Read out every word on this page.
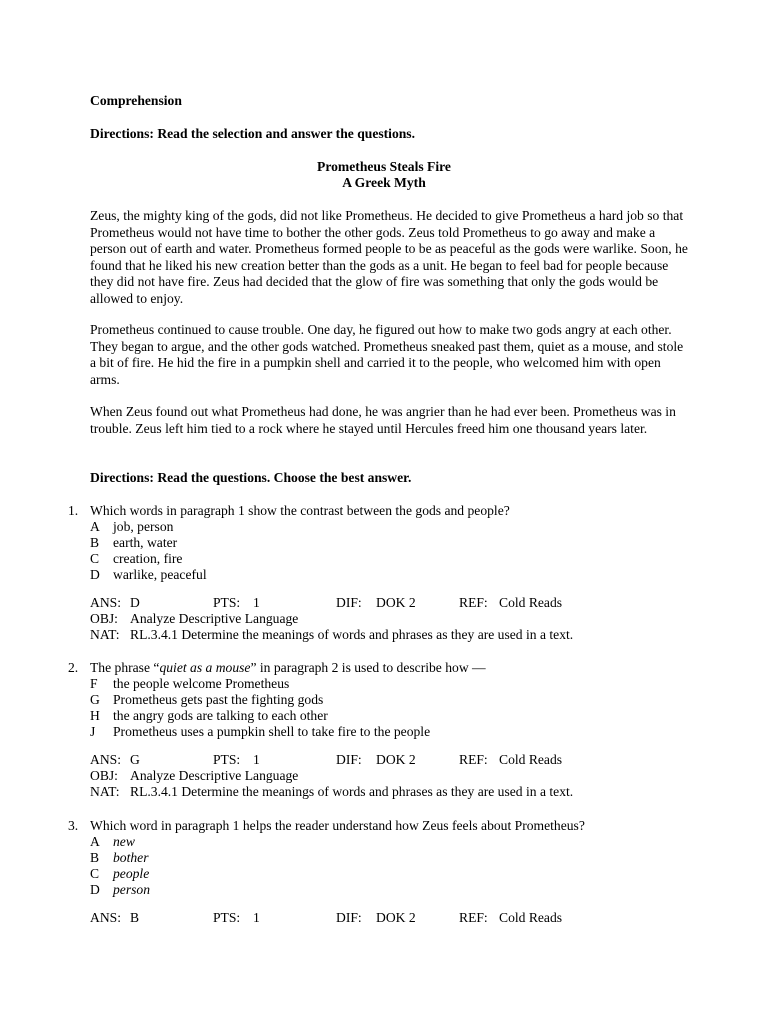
Comprehension
Directions: Read the selection and answer the questions.
Prometheus Steals Fire
A Greek Myth

Zeus, the mighty king of the gods, did not like Prometheus. He decided to give Prometheus a hard job so that Prometheus would not have time to bother the other gods. Zeus told Prometheus to go away and make a person out of earth and water. Prometheus formed people to be as peaceful as the gods were warlike. Soon, he found that he liked his new creation better than the gods as a unit. He began to feel bad for people because they did not have fire. Zeus had decided that the glow of fire was something that only the gods would be allowed to enjoy.

Prometheus continued to cause trouble. One day, he figured out how to make two gods angry at each other. They began to argue, and the other gods watched. Prometheus sneaked past them, quiet as a mouse, and stole a bit of fire. He hid the fire in a pumpkin shell and carried it to the people, who welcomed him with open arms.

When Zeus found out what Prometheus had done, he was angrier than he had ever been. Prometheus was in trouble. Zeus left him tied to a rock where he stayed until Hercules freed him one thousand years later.

Directions: Read the questions. Choose the best answer.
1. Which words in paragraph 1 show the contrast between the gods and people?
A job, person
B earth, water
C creation, fire
D warlike, peaceful
ANS: D	PTS: 1	DIF: DOK 2	REF: Cold Reads
OBJ: Analyze Descriptive Language
NAT: RL.3.4.1 Determine the meanings of words and phrases as they are used in a text.
2. The phrase “quiet as a mouse” in paragraph 2 is used to describe how —
F the people welcome Prometheus
G Prometheus gets past the fighting gods
H the angry gods are talking to each other
J Prometheus uses a pumpkin shell to take fire to the people
ANS: G	PTS: 1	DIF: DOK 2	REF: Cold Reads
OBJ: Analyze Descriptive Language
NAT: RL.3.4.1 Determine the meanings of words and phrases as they are used in a text.
3. Which word in paragraph 1 helps the reader understand how Zeus feels about Prometheus?
A new
B bother
C people
D person
ANS: B	PTS: 1	DIF: DOK 2	REF: Cold Reads
